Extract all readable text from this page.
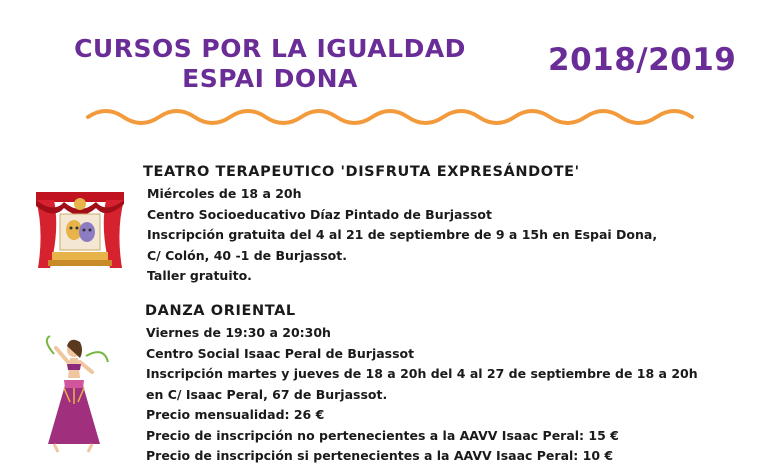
CURSOS POR LA IGUALDAD
ESPAI DONA
2018/2019
TEATRO TERAPEUTICO 'DISFRUTA EXPRESÁNDOTE'
Miércoles de 18 a 20h
Centro Socioeducativo Díaz Pintado de Burjassot
Inscripción gratuita del 4 al 21 de septiembre de 9 a 15h en Espai Dona,
C/ Colón, 40 -1 de Burjassot.
Taller gratuito.
DANZA ORIENTAL
Viernes de 19:30 a 20:30h
Centro Social Isaac Peral de Burjassot
Inscripción martes y jueves de 18 a 20h del 4 al 27 de septiembre de 18 a 20h
en C/ Isaac Peral, 67 de Burjassot.
Precio mensualidad: 26 €
Precio de inscripción no pertenecientes a la AAVV Isaac Peral: 15 €
Precio de inscripción si pertenecientes a la AAVV Isaac Peral: 10 €
